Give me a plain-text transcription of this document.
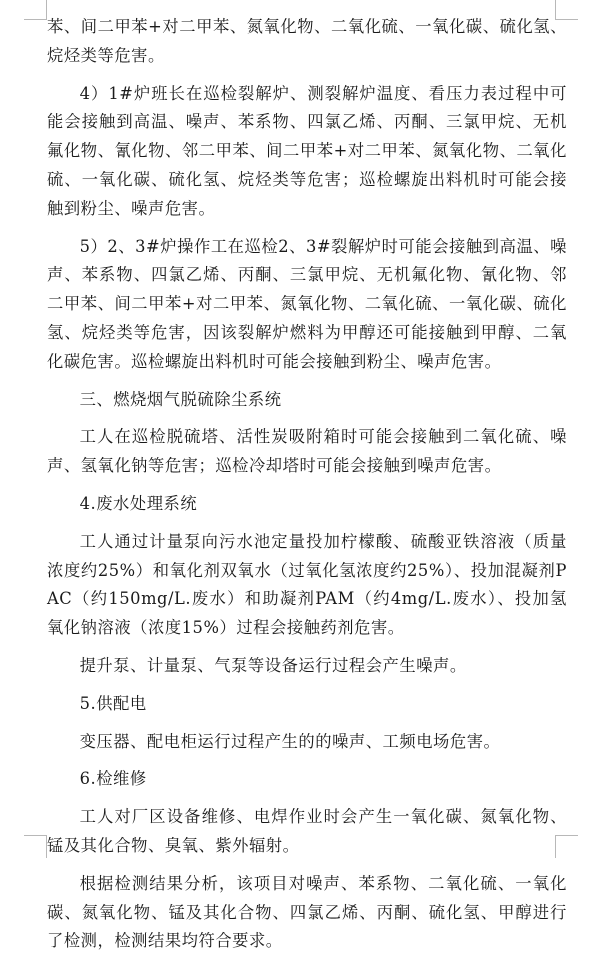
苯、间二甲苯+对二甲苯、氮氧化物、二氧化硫、一氧化碳、硫化氢、烷烃类等危害。

4）1#炉班长在巡检裂解炉、测裂解炉温度、看压力表过程中可能会接触到高温、噪声、苯系物、四氯乙烯、丙酮、三氯甲烷、无机氟化物、氰化物、邻二甲苯、间二甲苯+对二甲苯、氮氧化物、二氧化硫、一氧化碳、硫化氢、烷烃类等危害；巡检螺旋出料机时可能会接触到粉尘、噪声危害。

5）2、3#炉操作工在巡检2、3#裂解炉时可能会接触到高温、噪声、苯系物、四氯乙烯、丙酮、三氯甲烷、无机氟化物、氰化物、邻二甲苯、间二甲苯+对二甲苯、氮氧化物、二氧化硫、一氧化碳、硫化氢、烷烃类等危害，因该裂解炉燃料为甲醇还可能接触到甲醇、二氧化碳危害。巡检螺旋出料机时可能会接触到粉尘、噪声危害。

三、燃烧烟气脱硫除尘系统

工人在巡检脱硫塔、活性炭吸附箱时可能会接触到二氧化硫、噪声、氢氧化钠等危害；巡检冷却塔时可能会接触到噪声危害。

4.废水处理系统

工人通过计量泵向污水池定量投加柠檬酸、硫酸亚铁溶液（质量浓度约25%）和氧化剂双氧水（过氧化氢浓度约25%）、投加混凝剂PAC（约150mg/L.废水）和助凝剂PAM（约4mg/L.废水）、投加氢氧化钠溶液（浓度15%）过程会接触药剂危害。

提升泵、计量泵、气泵等设备运行过程会产生噪声。

5.供配电

变压器、配电柜运行过程产生的的噪声、工频电场危害。

6.检维修

工人对厂区设备维修、电焊作业时会产生一氧化碳、氮氧化物、锰及其化合物、臭氧、紫外辐射。

根据检测结果分析，该项目对噪声、苯系物、二氧化硫、一氧化碳、氮氧化物、锰及其化合物、四氯乙烯、丙酮、硫化氢、甲醇进行了检测，检测结果均符合要求。
